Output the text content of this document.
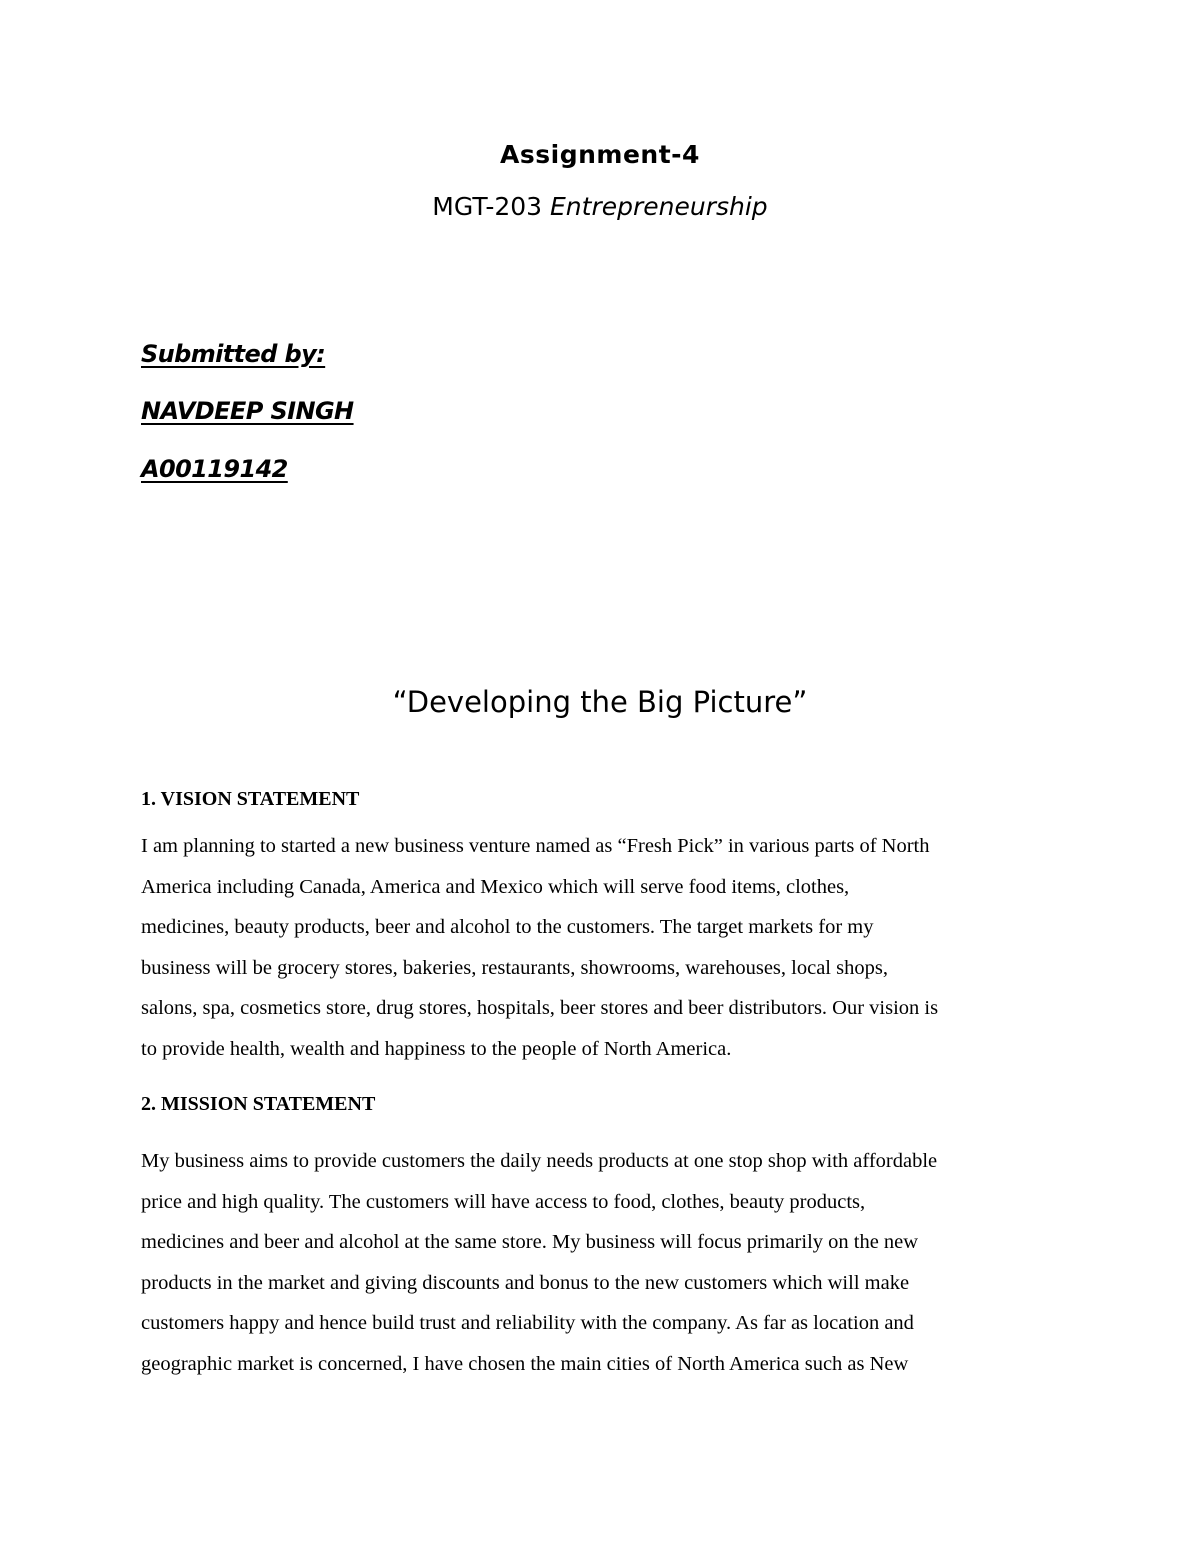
Assignment-4
MGT-203 Entrepreneurship
Submitted by:
NAVDEEP SINGH
A00119142
“Developing the Big Picture”
1. VISION STATEMENT
I am planning to started a new business venture named as “Fresh Pick” in various parts of North
America including Canada, America and Mexico which will serve food items, clothes,
medicines, beauty products, beer and alcohol to the customers. The target markets for my
business will be grocery stores, bakeries, restaurants, showrooms, warehouses, local shops,
salons, spa, cosmetics store, drug stores, hospitals, beer stores and beer distributors. Our vision is
to provide health, wealth and happiness to the people of North America.
2. MISSION STATEMENT
My business aims to provide customers the daily needs products at one stop shop with affordable
price and high quality. The customers will have access to food, clothes, beauty products,
medicines and beer and alcohol at the same store. My business will focus primarily on the new
products in the market and giving discounts and bonus to the new customers which will make
customers happy and hence build trust and reliability with the company. As far as location and
geographic market is concerned, I have chosen the main cities of North America such as New
